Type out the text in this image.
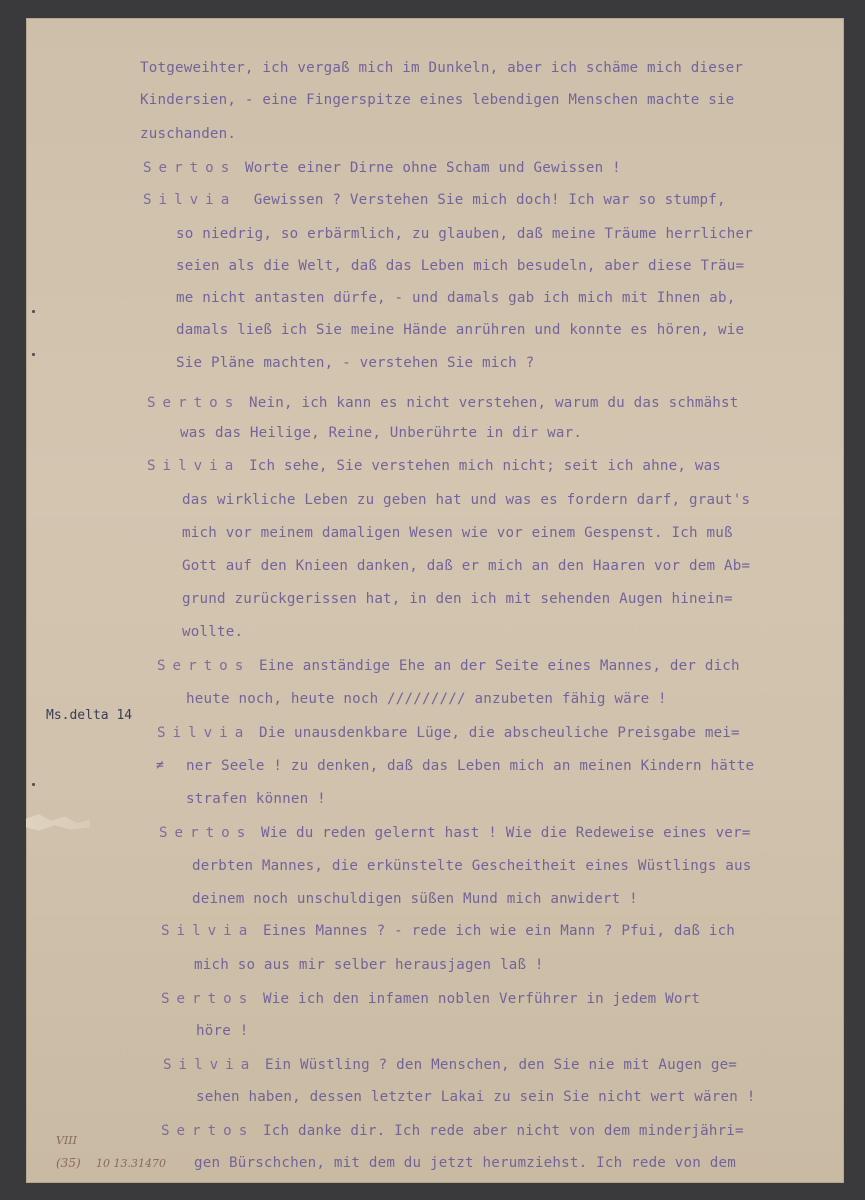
Totgeweihter, ich vergaß mich im Dunkeln, aber ich schäme mich dieser
Kindersien, - eine Fingerspitze eines lebendigen Menschen machte sie
zuschanden.
Sertos Worte einer Dirne ohne Scham und Gewissen !
Silvia Gewissen ? Verstehen Sie mich doch! Ich war so stumpf,
so niedrig, so erbärmlich, zu glauben, daß meine Träume herrlicher
seien als die Welt, daß das Leben mich besudeln, aber diese Träu=
me nicht antasten dürfe, - und damals gab ich mich mit Ihnen ab,
damals ließ ich Sie meine Hände anrühren und konnte es hören, wie
Sie Pläne machten, - verstehen Sie mich ?
Sertos Nein, ich kann es nicht verstehen, warum du das schmähst
was das Heilige, Reine, Unberührte in dir war.
Silvia Ich sehe, Sie verstehen mich nicht; seit ich ahne, was
das wirkliche Leben zu geben hat und was es fordern darf, graut's
mich vor meinem damaligen Wesen wie vor einem Gespenst. Ich muß
Gott auf den Knieen danken, daß er mich an den Haaren vor dem Ab=
grund zurückgerissen hat, in den ich mit sehenden Augen hinein=
wollte.
Sertos Eine anständige Ehe an der Seite eines Mannes, der dich
heute noch, heute noch ///////// anzubeten fähig wäre !
Silvia Die unausdenkbare Lüge, die abscheuliche Preisgabe mei=
ner Seele ! zu denken, daß das Leben mich an meinen Kindern hätte
strafen können !
Sertos Wie du reden gelernt hast ! Wie die Redeweise eines ver=
derbten Mannes, die erkünstelte Gescheitheit eines Wüstlings aus
deinem noch unschuldigen süßen Mund mich anwidert !
Silvia Eines Mannes ? - rede ich wie ein Mann ? Pfui, daß ich
mich so aus mir selber herausjagen laß !
Sertos Wie ich den infamen noblen Verführer in jedem Wort
höre !
Silvia Ein Wüstling ? den Menschen, den Sie nie mit Augen ge=
sehen haben, dessen letzter Lakai zu sein Sie nicht wert wären !
Sertos Ich danke dir. Ich rede aber nicht von dem minderjähri=
gen Bürschchen, mit dem du jetzt herumziehst. Ich rede von dem
Ms.delta 14
≠
VIII
(35) 10 13.31470
